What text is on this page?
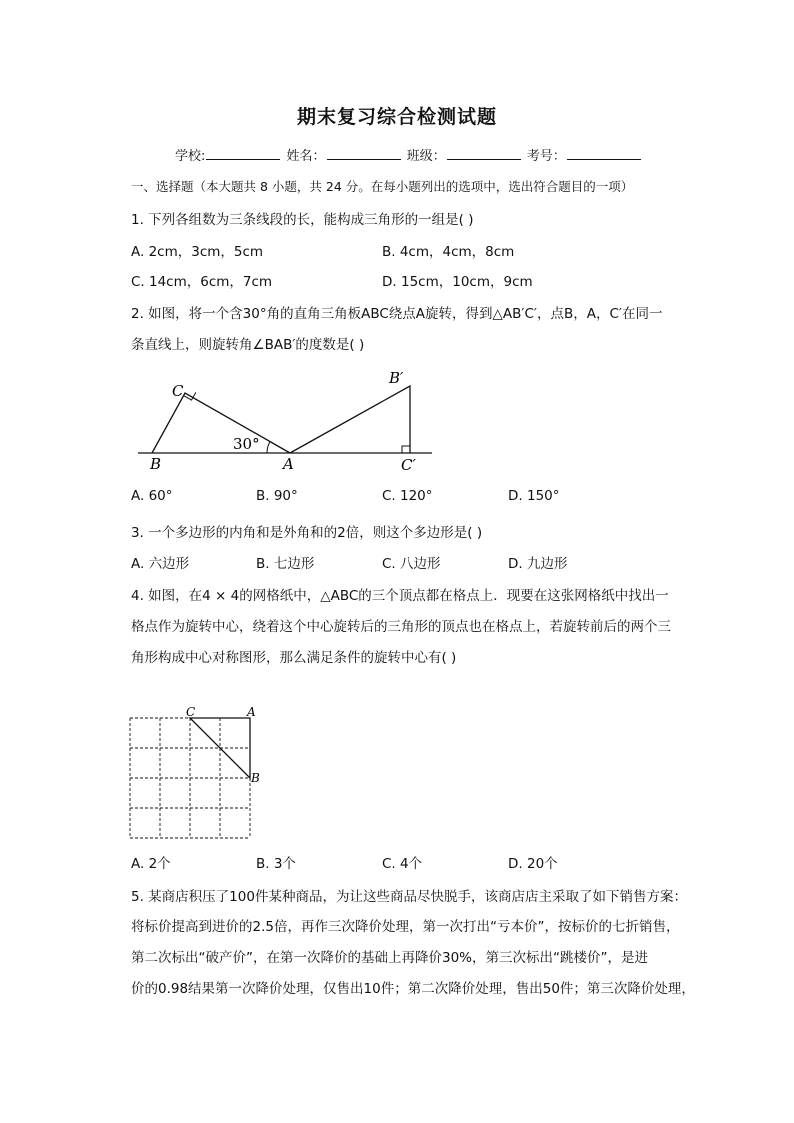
期末复习综合检测试题
学校:	姓名：	班级：	考号：
一、选择题（本大题共 8 小题，共 24 分。在每小题列出的选项中，选出符合题目的一项）
1. 下列各组数为三条线段的长，能构成三角形的一组是( )
A. 2cm，3cm，5cm	B. 4cm，4cm，8cm
C. 14cm，6cm，7cm	D. 15cm，10cm，9cm
2. 如图，将一个含30°角的直角三角板ABC绕点A旋转，得到△AB′C′，点B，A，C′在同一
条直线上，则旋转角∠BAB′的度数是( )
30°
C
B	A
B′
C′
A. 60°	B. 90°	C. 120°	D. 150°
3. 一个多边形的内角和是外角和的2倍，则这个多边形是( )
A. 六边形	B. 七边形	C. 八边形	D. 九边形
4. 如图，在4 × 4的网格纸中，△ABC的三个顶点都在格点上．现要在这张网格纸中找出一
格点作为旋转中心，绕着这个中心旋转后的三角形的顶点也在格点上，若旋转前后的两个三
角形构成中心对称图形，那么满足条件的旋转中心有( )
C	A
B
A. 2个	B. 3个	C. 4个	D. 20个
5. 某商店积压了100件某种商品，为让这些商品尽快脱手，该商店店主采取了如下销售方案：
将标价提高到进价的2.5倍，再作三次降价处理，第一次打出“亏本价”，按标价的七折销售，
第二次标出“破产价”，在第一次降价的基础上再降价30%，第三次标出“跳楼价”，是进
价的0.98结果第一次降价处理，仅售出10件；第二次降价处理，售出50件；第三次降价处理，
